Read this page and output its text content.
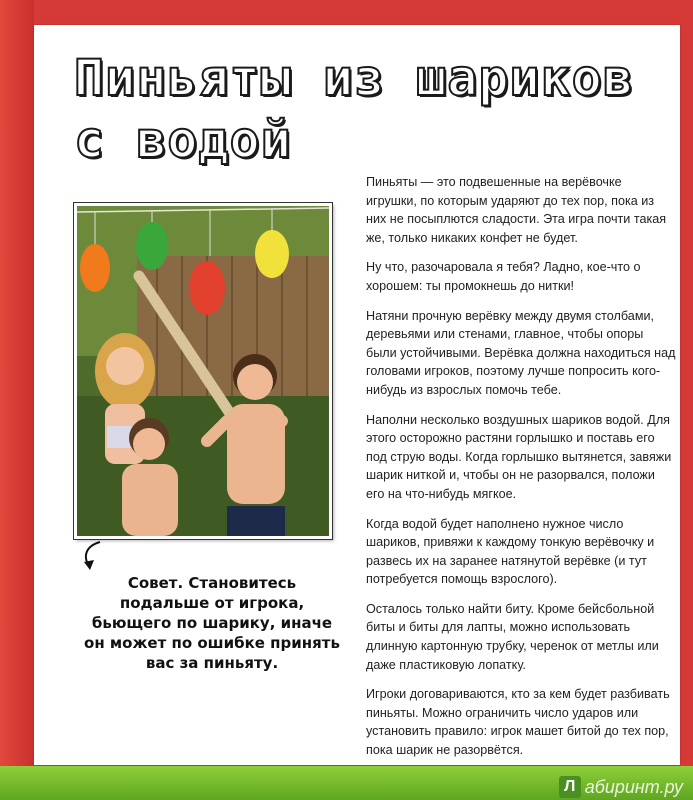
Пиньяты из шариков с водой
Совет. Становитесь подальше от игрока, бьющего по шарику, иначе он может по ошибке принять вас за пиньяту.

Пиньяты — это подвешенные на верёвочке игрушки, по которым ударяют до тех пор, пока из них не посыплются сладости. Эта игра почти такая же, только никаких конфет не будет.

Ну что, разочаровала я тебя? Ладно, кое-что о хорошем: ты промокнешь до нитки!

Натяни прочную верёвку между двумя столбами, деревьями или стенами, главное, чтобы опоры были устойчивыми. Верёвка должна находиться над головами игроков, поэтому лучше попросить кого-нибудь из взрослых помочь тебе.

Наполни несколько воздушных шариков водой. Для этого осторожно растяни горлышко и поставь его под струю воды. Когда горлышко вытянется, завяжи шарик ниткой и, чтобы он не разорвался, положи его на что-нибудь мягкое.

Когда водой будет наполнено нужное число шариков, привяжи к каждому тонкую верёвочку и развесь их на заранее натянутой верёвке (и тут потребуется помощь взрослого).

Осталось только найти биту. Кроме бейсбольной биты и биты для лапты, можно использовать длинную картонную трубку, черенок от метлы или даже пластиковую лопатку.

Игроки договариваются, кто за кем будет разбивать пиньяты. Можно ограничить число ударов или установить правило: игрок машет битой до тех пор, пока шарик не разорвётся.

Л абиринт.ру
